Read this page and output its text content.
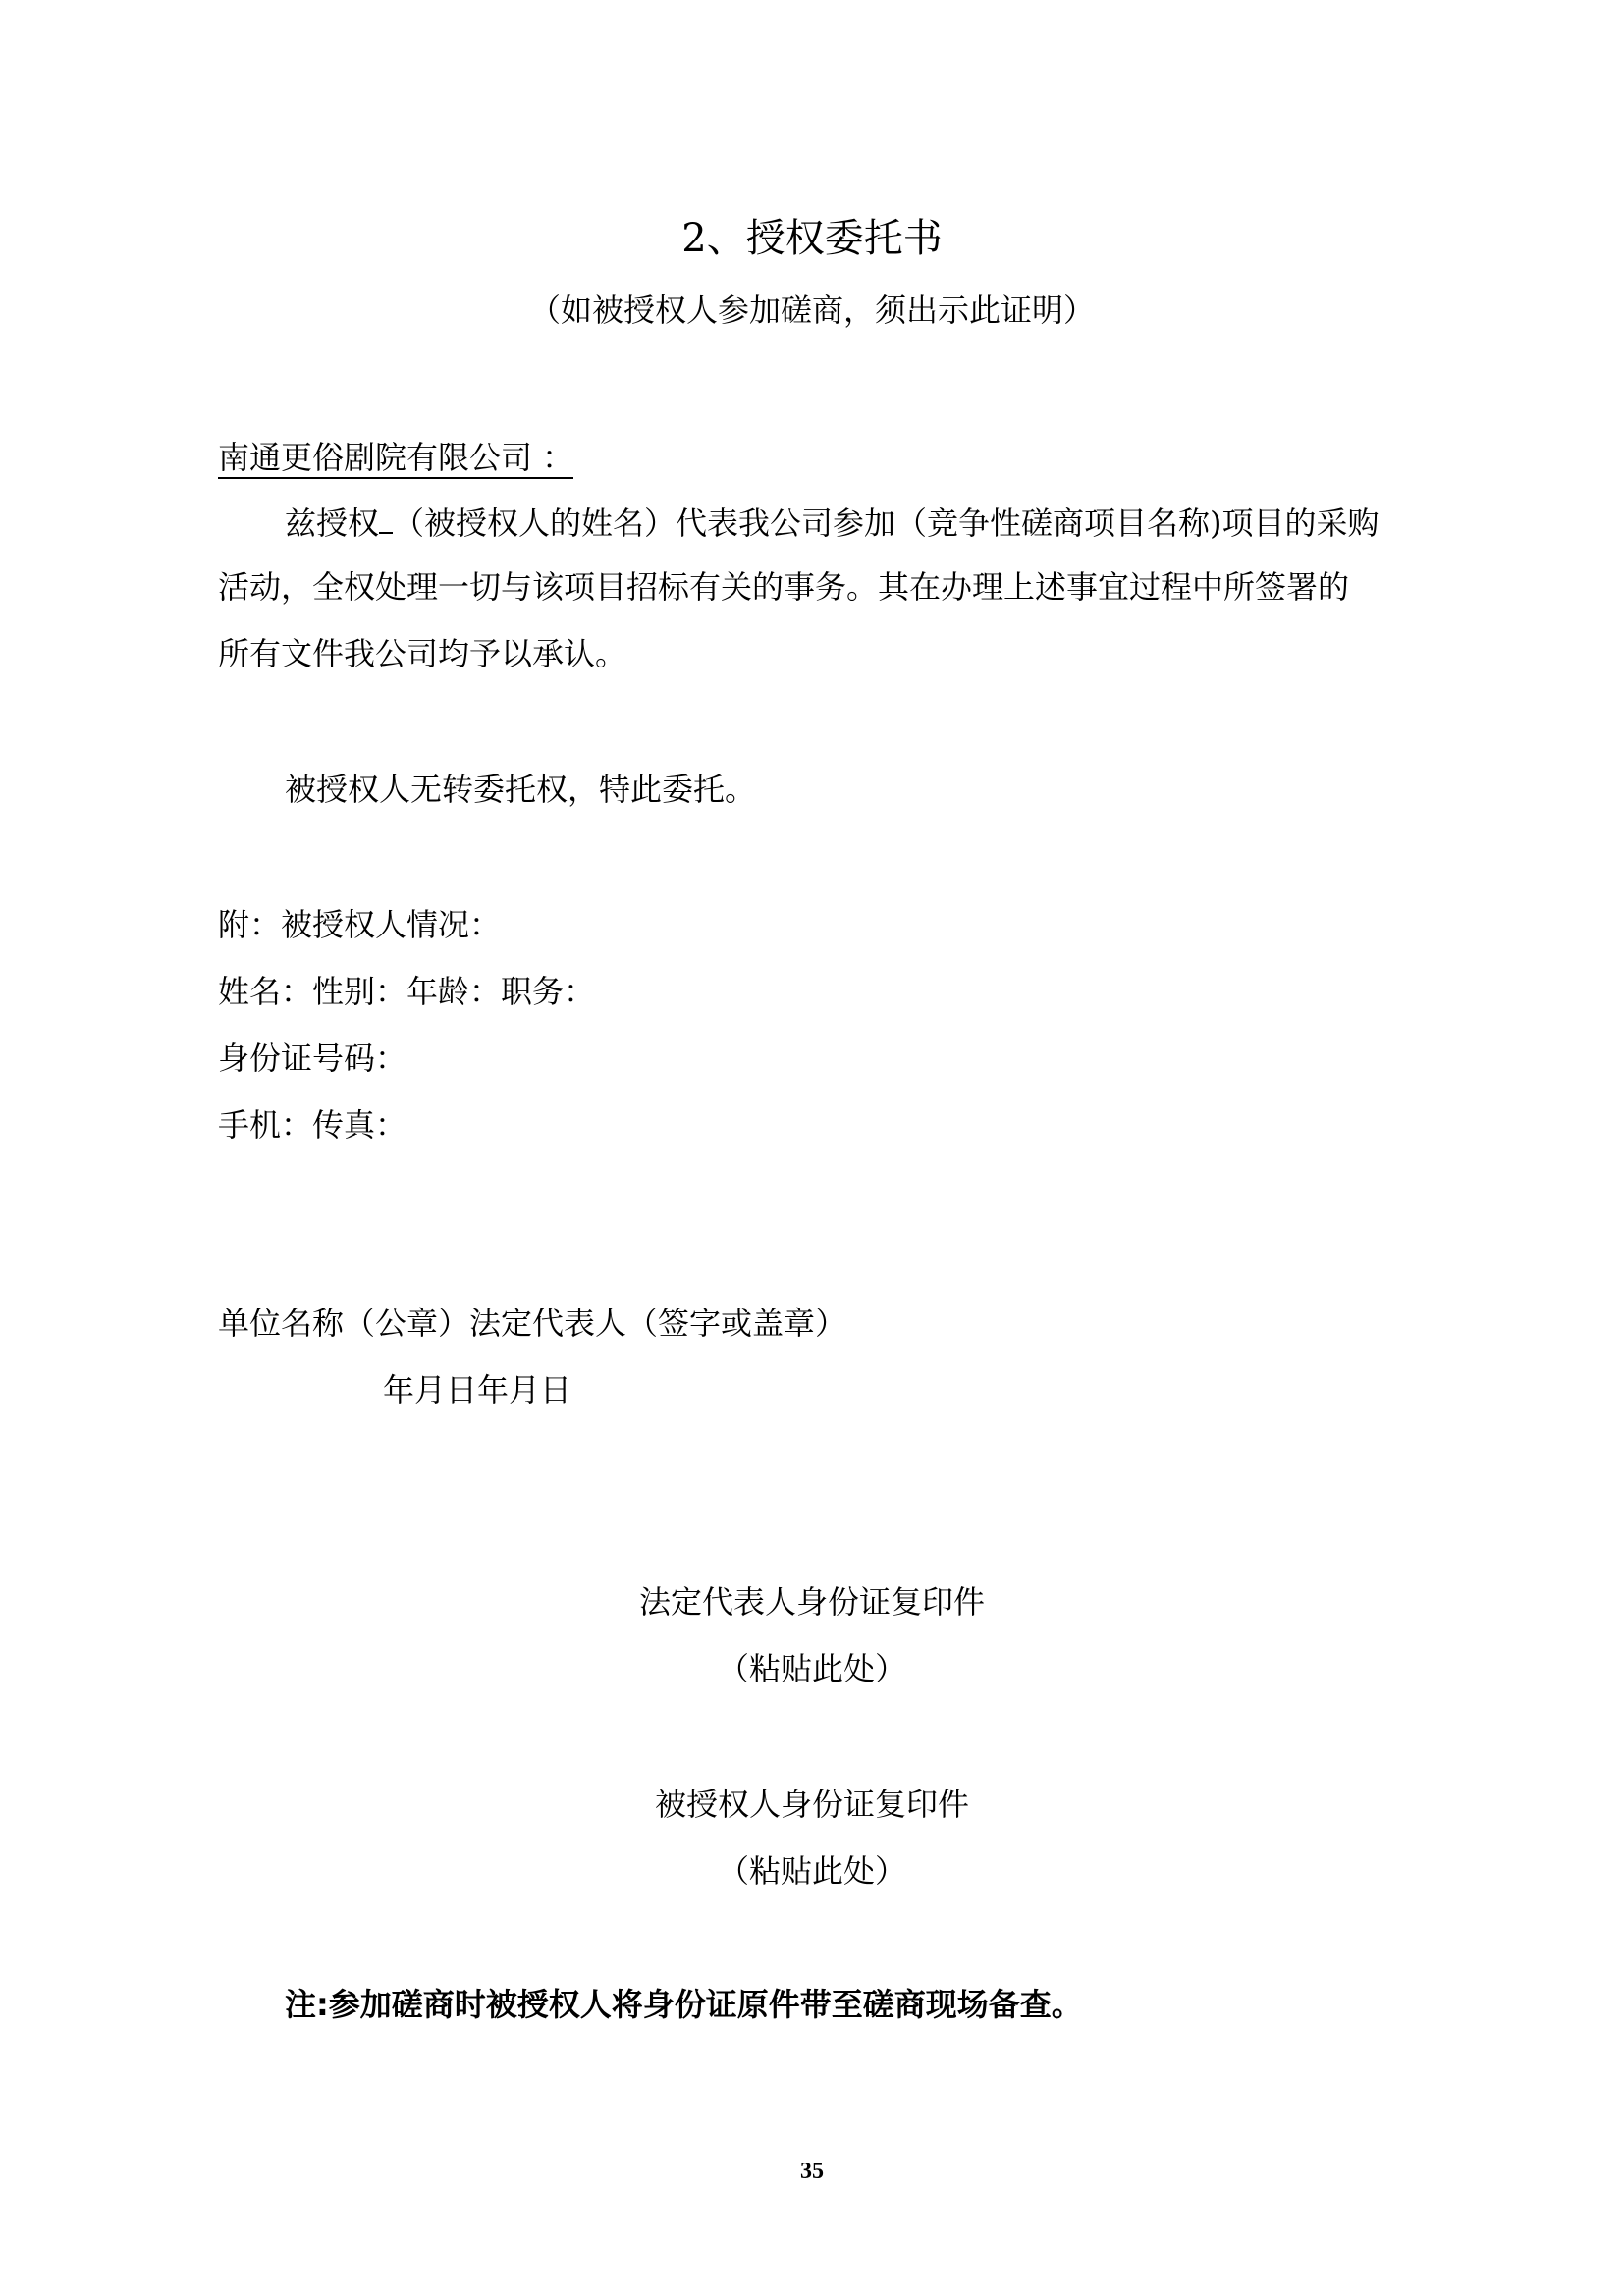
2、授权委托书
（如被授权人参加磋商，须出示此证明）
南通更俗剧院有限公司 ：
兹授权 （被授权人的姓名）代表我公司参加（竞争性磋商项目名称)项目的采购
活动，全权处理一切与该项目招标有关的事务。其在办理上述事宜过程中所签署的
所有文件我公司均予以承认。
被授权人无转委托权，特此委托。
附：被授权人情况：
姓名：性别：年龄：职务：
身份证号码：
手机：传真：
单位名称（公章）法定代表人（签字或盖章）
年月日年月日
法定代表人身份证复印件
（粘贴此处）
被授权人身份证复印件
（粘贴此处）
注:参加磋商时被授权人将身份证原件带至磋商现场备查。
35
